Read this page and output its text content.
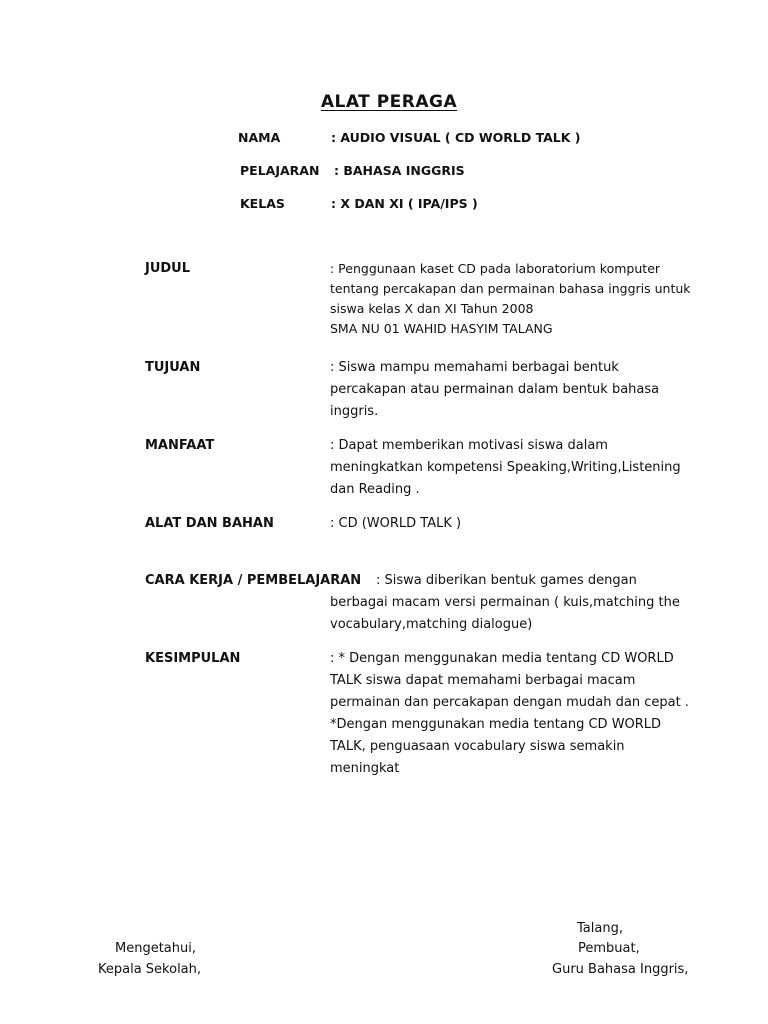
ALAT PERAGA
NAMA	: AUDIO VISUAL ( CD WORLD TALK )
PELAJARAN : BAHASA INGGRIS
KELAS	: X DAN XI ( IPA/IPS )
JUDUL	: Penggunaan kaset CD pada laboratorium komputer
tentang percakapan dan permainan bahasa inggris untuk
siswa kelas X dan XI Tahun 2008
SMA NU 01 WAHID HASYIM TALANG
TUJUAN	: Siswa mampu memahami berbagai bentuk
percakapan atau permainan dalam bentuk bahasa
inggris.
MANFAAT	: Dapat memberikan motivasi siswa dalam
meningkatkan kompetensi Speaking,Writing,Listening
dan Reading .
ALAT DAN BAHAN	: CD (WORLD TALK )
CARA KERJA / PEMBELAJARAN : Siswa diberikan bentuk games dengan
berbagai macam versi permainan ( kuis,matching the
vocabulary,matching dialogue)
KESIMPULAN	: * Dengan menggunakan media tentang CD WORLD
TALK siswa dapat memahami berbagai macam
permainan dan percakapan dengan mudah dan cepat .
*Dengan menggunakan media tentang CD WORLD
TALK, penguasaan vocabulary siswa semakin
meningkat
Talang,
Mengetahui,	Pembuat,
Kepala Sekolah,	Guru Bahasa Inggris,
